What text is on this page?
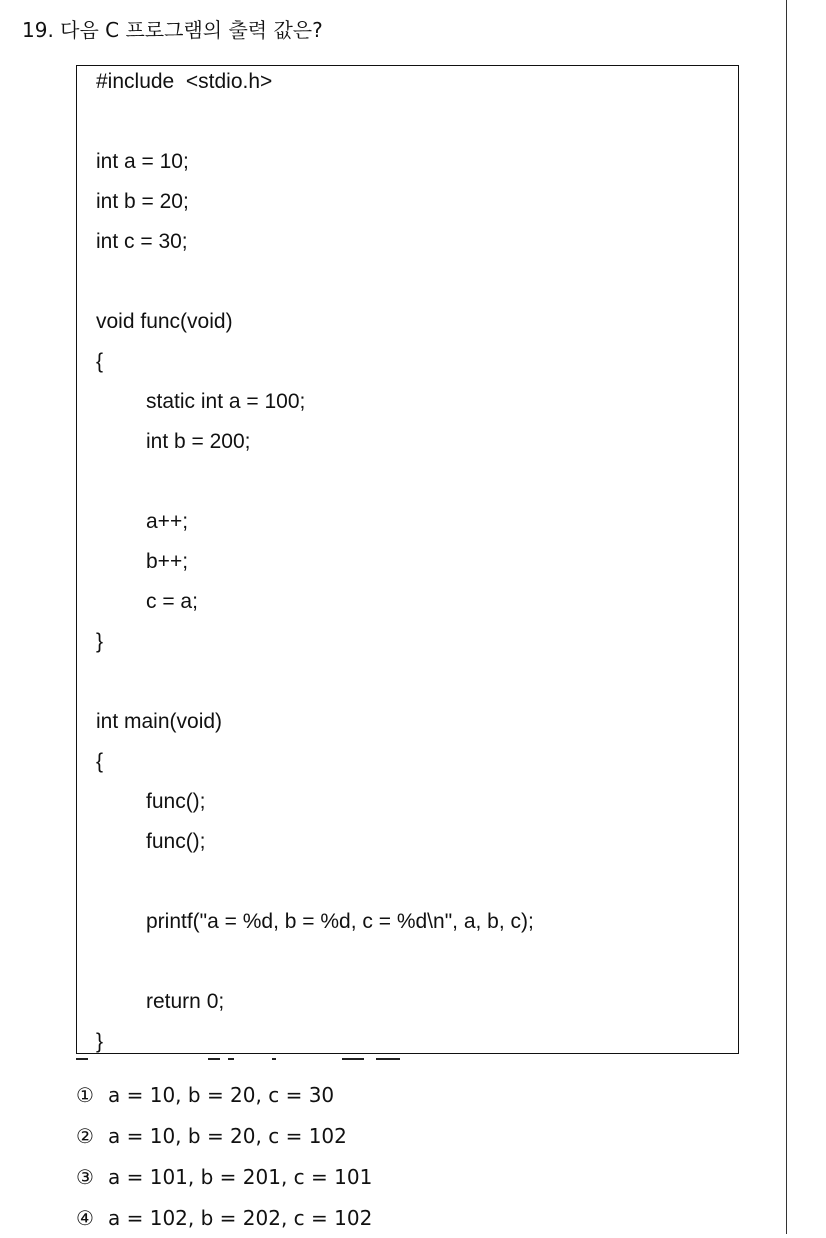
19. 다음 C 프로그램의 출력 값은?
#include  <stdio.h>
int a = 10;
int b = 20;
int c = 30;
void func(void)
{
static int a = 100;
int b = 200;
a++;
b++;
c = a;
}
int main(void)
{
func();
func();
printf("a = %d, b = %d, c = %d\n", a, b, c);
return 0;
}
① a = 10, b = 20, c = 30
② a = 10, b = 20, c = 102
③ a = 101, b = 201, c = 101
④ a = 102, b = 202, c = 102
